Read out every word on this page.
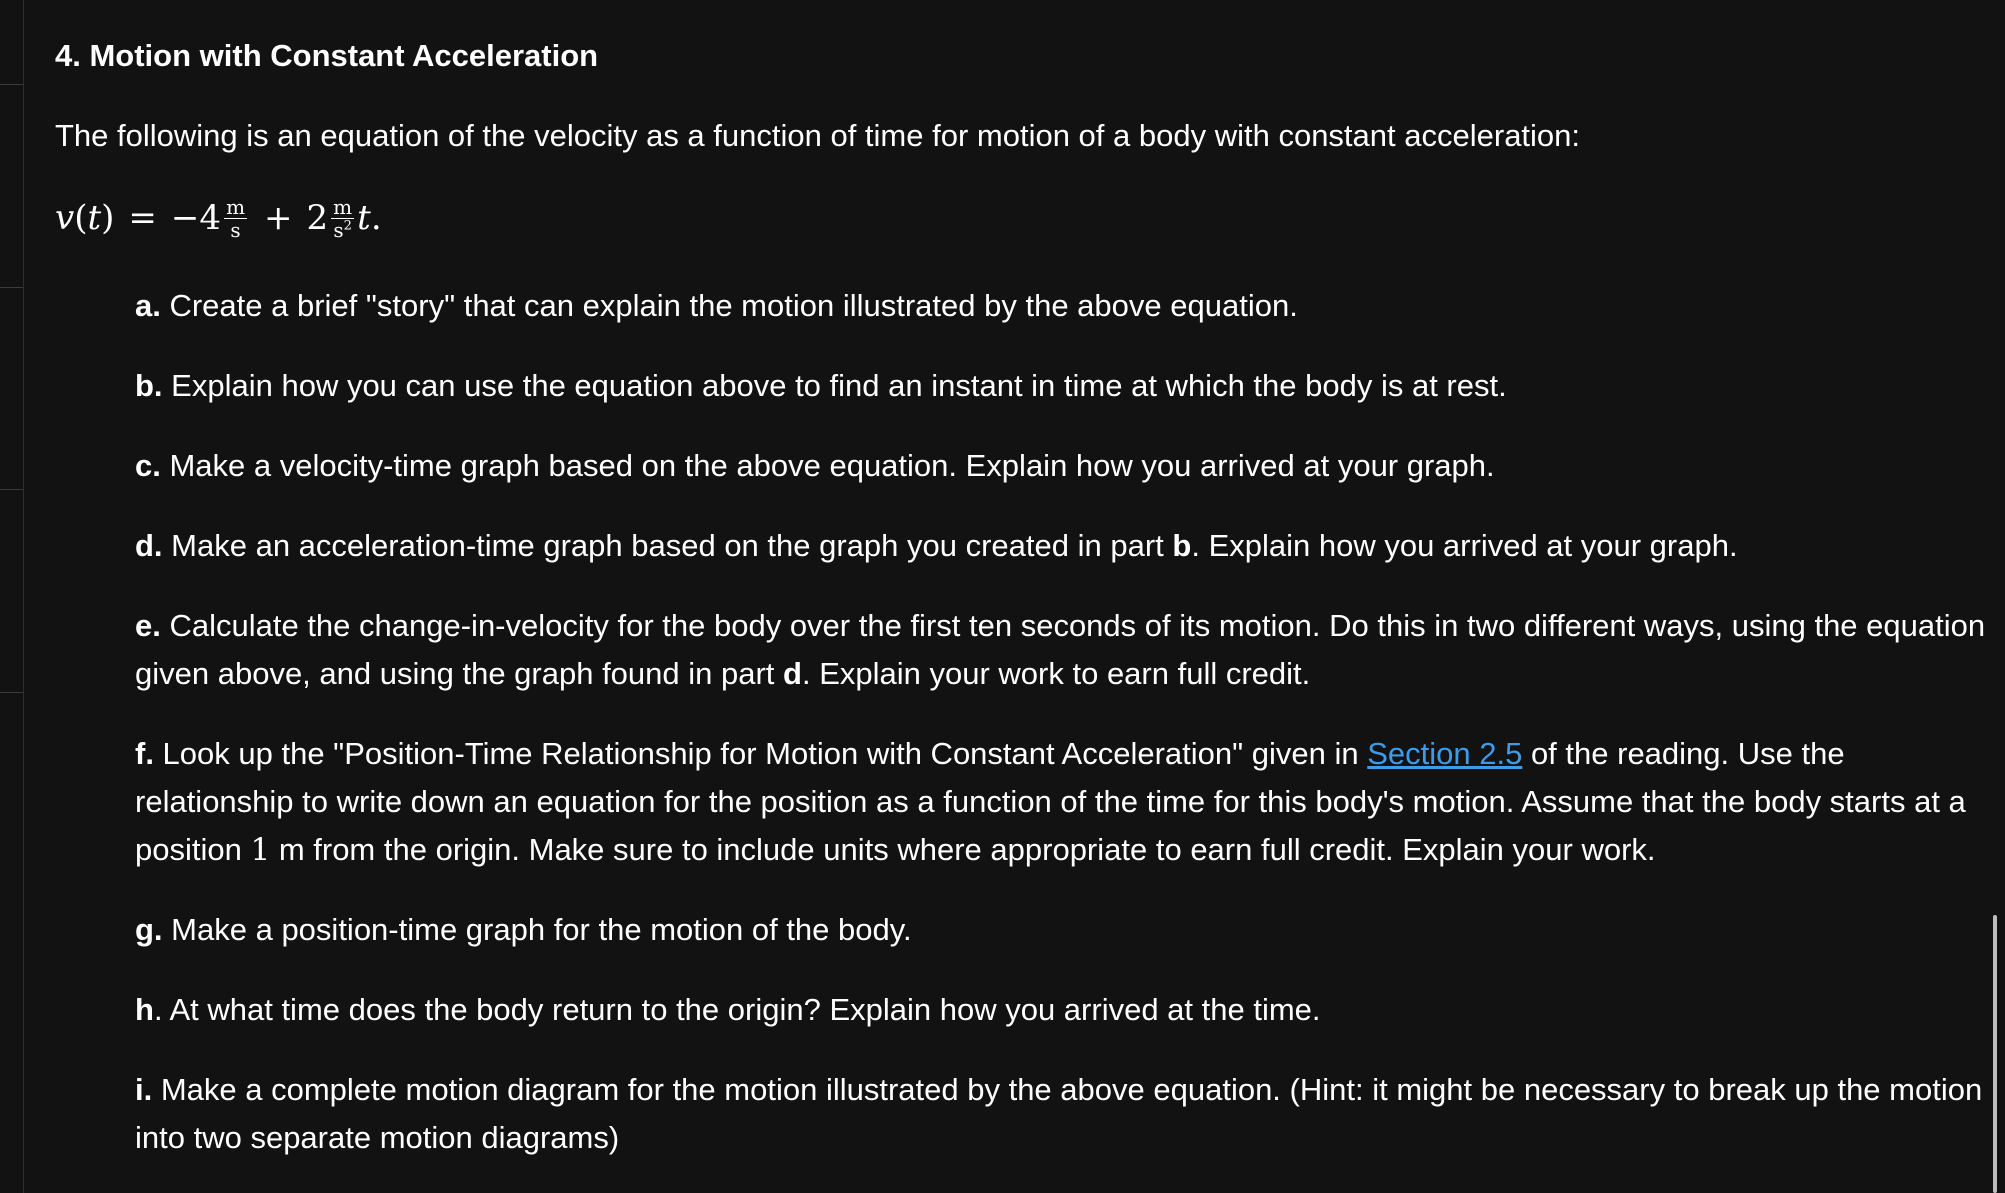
4. Motion with Constant Acceleration

The following is an equation of the velocity as a function of time for motion of a body with constant acceleration:

v ( t ) = − $4 \frac{m}{s} + 2 \frac{m}{s^2}$ t .

a. Create a brief "story" that can explain the motion illustrated by the above equation.

b. Explain how you can use the equation above to find an instant in time at which the body is at rest.

c. Make a velocity-time graph based on the above equation. Explain how you arrived at your graph.

d. Make an acceleration-time graph based on the graph you created in part b. Explain how you arrived at your graph.

e. Calculate the change-in-velocity for the body over the first ten seconds of its motion. Do this in two different ways, using the equation given above, and using the graph found in part d. Explain your work to earn full credit.

f. Look up the "Position-Time Relationship for Motion with Constant Acceleration" given in Section 2.5 of the reading. Use the relationship to write down an equation for the position as a function of the time for this body's motion. Assume that the body starts at a position 1 m from the origin. Make sure to include units where appropriate to earn full credit. Explain your work.

g. Make a position-time graph for the motion of the body.

h. At what time does the body return to the origin? Explain how you arrived at the time.

i. Make a complete motion diagram for the motion illustrated by the above equation. (Hint: it might be necessary to break up the motion into two separate motion diagrams)
